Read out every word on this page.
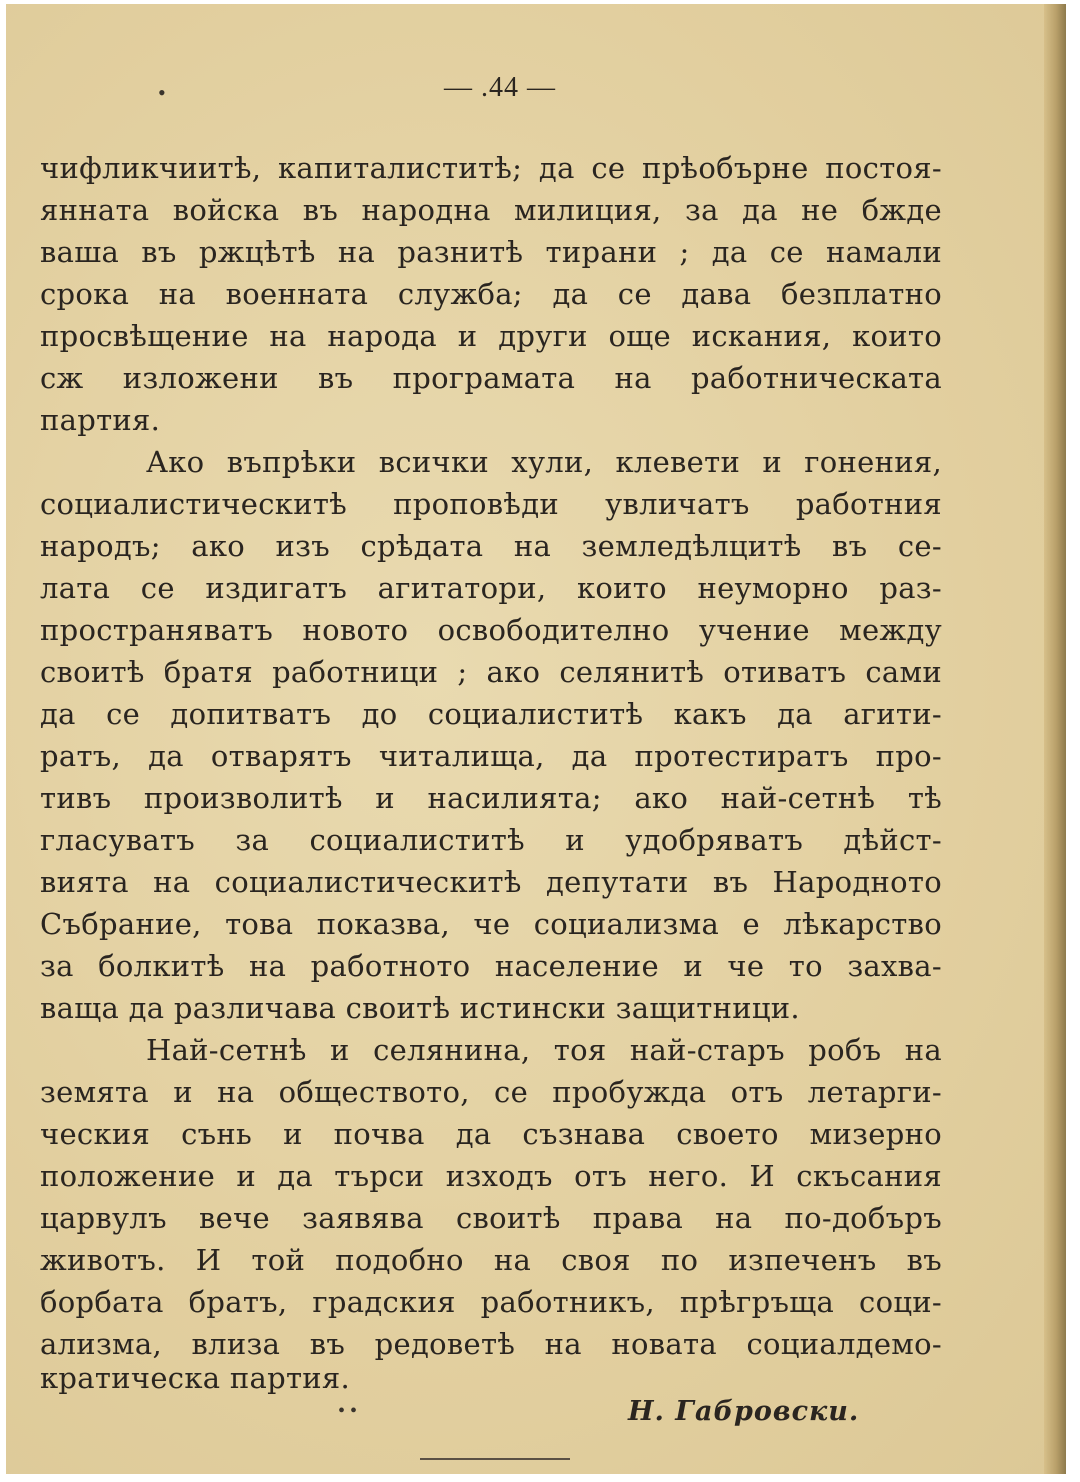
•	— .44 —
чифликчиитѣ, капиталиститѣ; да се прѣобърне постоя-
янната войска въ народна милиция, за да не бжде
вашa въ ржцѣтѣ на разнитѣ тирани ; да се намали
срока на военната служба; да се дава безплатно
просвѣщение на народа и други още искания, които
сж изложени въ програмата на работническата
партия.
Ако въпрѣки всички хули, клевети и гонения,
социалистическитѣ проповѣди увличатъ работния
народъ; ако изъ срѣдата на земледѣлцитѣ въ се-
лата се издигатъ агитатори, които неуморно раз-
пространяватъ новото освободително учение между
своитѣ братя работници ; ако селянитѣ отиватъ сами
да се допитватъ до социалиститѣ какъ да агити-
ратъ, да отварятъ читалища, да протестиратъ про-
тивъ произволитѣ и насилията; ако най-сетнѣ тѣ
гласуватъ за социалиститѣ и удобряватъ дѣйст-
вията на социалистическитѣ депутати въ Народното
Събрание, това показва, че социализма е лѣкарство
за болкитѣ на работното население и че то захва-
ваща да различава своитѣ истински защитници.
Най-сетнѣ и селянина, тоя най-старъ робъ на
земята и на обществото, се пробужда отъ летарги-
ческия сънь и почва да съзнава своето мизерно
положение и да търси изходъ отъ него. И скъсания
царвулъ вече заявява своитѣ права на по-добъръ
животъ. И той подобно на своя по изпеченъ въ
борбата братъ, градския работникъ, прѣгръща соци-
ализма, влиза въ редоветѣ на новата социалдемо-
кратическа партия.
• •	Н. Габровски.
